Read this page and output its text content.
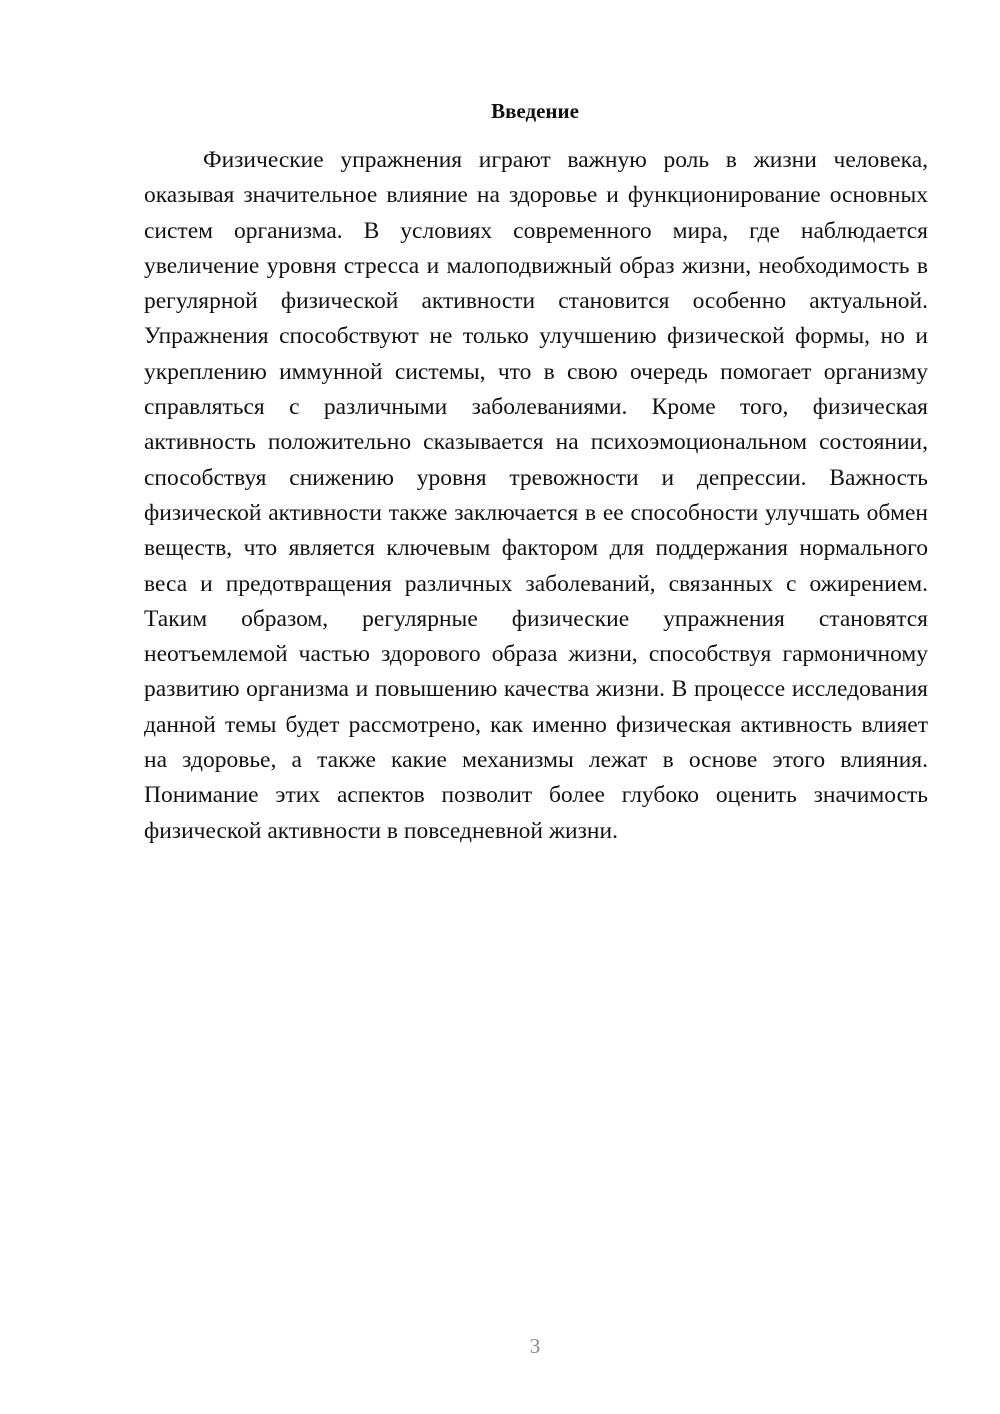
Введение

Физические упражнения играют важную роль в жизни человека, оказывая значительное влияние на здоровье и функционирование основных систем организма. В условиях современного мира, где наблюдается увеличение уровня стресса и малоподвижный образ жизни, необходимость в регулярной физической активности становится особенно актуальной. Упражнения способствуют не только улучшению физической формы, но и укреплению иммунной системы, что в свою очередь помогает организму справляться с различными заболеваниями. Кроме того, физическая активность положительно сказывается на психоэмоциональном состоянии, способствуя снижению уровня тревожности и депрессии. Важность физической активности также заключается в ее способности улучшать обмен веществ, что является ключевым фактором для поддержания нормального веса и предотвращения различных заболеваний, связанных с ожирением. Таким образом, регулярные физические упражнения становятся неотъемлемой частью здорового образа жизни, способствуя гармоничному развитию организма и повышению качества жизни. В процессе исследования данной темы будет рассмотрено, как именно физическая активность влияет на здоровье, а также какие механизмы лежат в основе этого влияния. Понимание этих аспектов позволит более глубоко оценить значимость физической активности в повседневной жизни.

3
